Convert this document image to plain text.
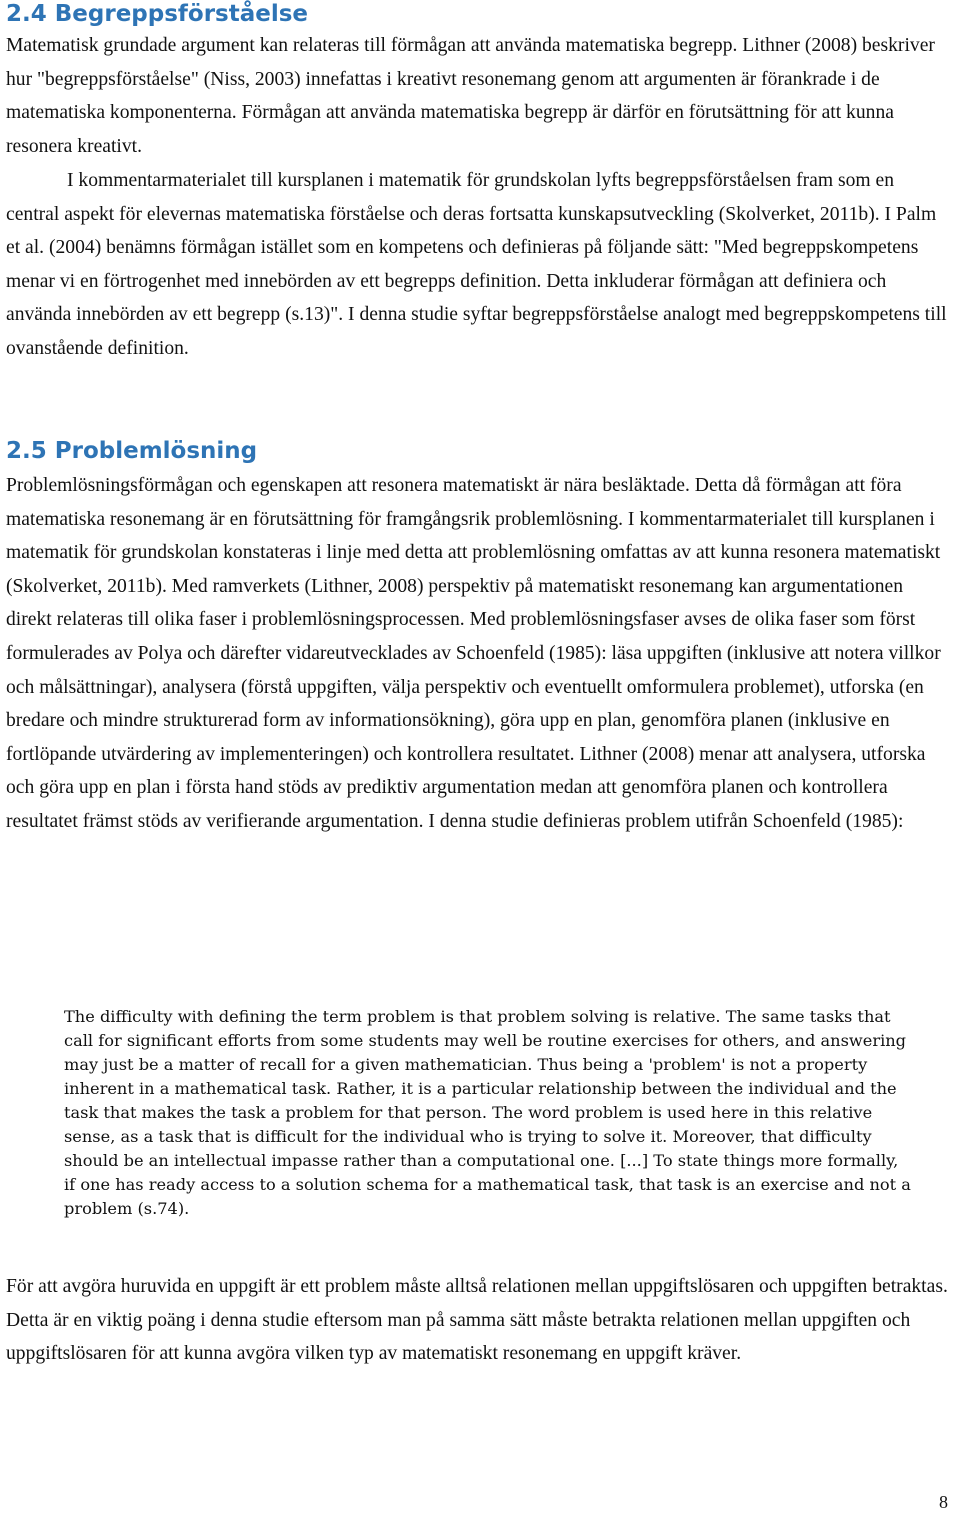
2.4 Begreppsförståelse

Matematisk grundade argument kan relateras till förmågan att använda matematiska begrepp. Lithner (2008) beskriver hur "begreppsförståelse" (Niss, 2003) innefattas i kreativt resonemang genom att argumenten är förankrade i de matematiska komponenterna. Förmågan att använda matematiska begrepp är därför en förutsättning för att kunna resonera kreativt.

I kommentarmaterialet till kursplanen i matematik för grundskolan lyfts begreppsförståelsen fram som en central aspekt för elevernas matematiska förståelse och deras fortsatta kunskapsutveckling (Skolverket, 2011b). I Palm et al. (2004) benämns förmågan istället som en kompetens och definieras på följande sätt: "Med begreppskompetens menar vi en förtrogenhet med innebörden av ett begrepps definition. Detta inkluderar förmågan att definiera och använda innebörden av ett begrepp (s.13)". I denna studie syftar begreppsförståelse analogt med begreppskompetens till ovanstående definition.

2.5 Problemlösning

Problemlösningsförmågan och egenskapen att resonera matematiskt är nära besläktade. Detta då förmågan att föra matematiska resonemang är en förutsättning för framgångsrik problemlösning. I kommentarmaterialet till kursplanen i matematik för grundskolan konstateras i linje med detta att problemlösning omfattas av att kunna resonera matematiskt (Skolverket, 2011b). Med ramverkets (Lithner, 2008) perspektiv på matematiskt resonemang kan argumentationen direkt relateras till olika faser i problemlösningsprocessen. Med problemlösningsfaser avses de olika faser som först formulerades av Polya och därefter vidareutvecklades av Schoenfeld (1985): läsa uppgiften (inklusive att notera villkor och målsättningar), analysera (förstå uppgiften, välja perspektiv och eventuellt omformulera problemet), utforska (en bredare och mindre strukturerad form av informationsökning), göra upp en plan, genomföra planen (inklusive en fortlöpande utvärdering av implementeringen) och kontrollera resultatet. Lithner (2008) menar att analysera, utforska och göra upp en plan i första hand stöds av prediktiv argumentation medan att genomföra planen och kontrollera resultatet främst stöds av verifierande argumentation. I denna studie definieras problem utifrån Schoenfeld (1985):

The difficulty with defining the term problem is that problem solving is relative. The same tasks that call for significant efforts from some students may well be routine exercises for others, and answering may just be a matter of recall for a given mathematician. Thus being a 'problem' is not a property inherent in a mathematical task. Rather, it is a particular relationship between the individual and the task that makes the task a problem for that person. The word problem is used here in this relative sense, as a task that is difficult for the individual who is trying to solve it. Moreover, that difficulty should be an intellectual impasse rather than a computational one. [...] To state things more formally, if one has ready access to a solution schema for a mathematical task, that task is an exercise and not a problem (s.74).

För att avgöra huruvida en uppgift är ett problem måste alltså relationen mellan uppgiftslösaren och uppgiften betraktas. Detta är en viktig poäng i denna studie eftersom man på samma sätt måste betrakta relationen mellan uppgiften och uppgiftslösaren för att kunna avgöra vilken typ av matematiskt resonemang en uppgift kräver.

8
